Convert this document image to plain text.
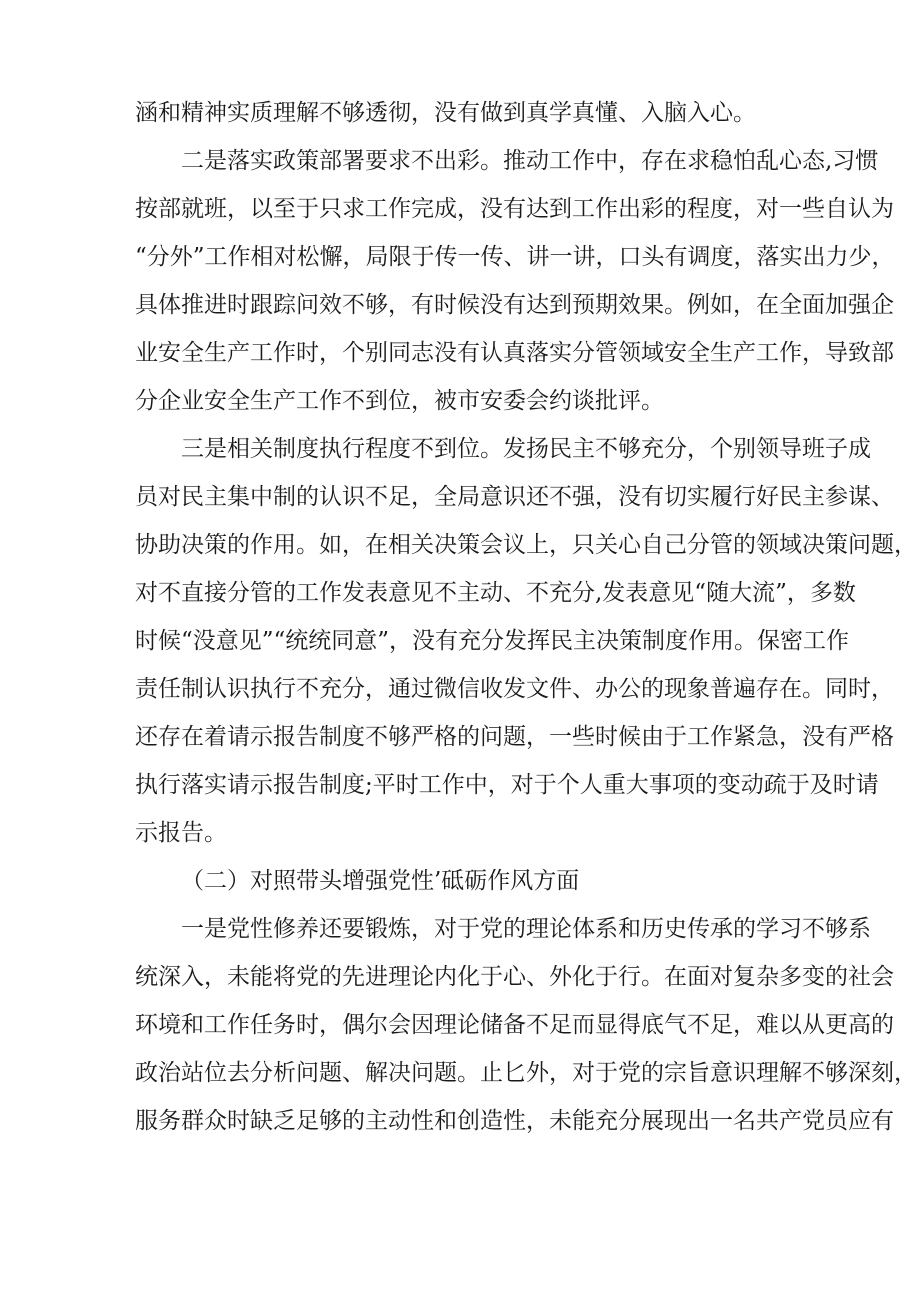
涵和精神实质理解不够透彻，没有做到真学真懂、入脑入心。
二是落实政策部署要求不出彩。推动工作中，存在求稳怕乱心态,习惯
按部就班，以至于只求工作完成，没有达到工作出彩的程度，对一些自认为
“分外”工作相对松懈，局限于传一传、讲一讲，口头有调度，落实出力少，
具体推进时跟踪问效不够，有时候没有达到预期效果。例如，在全面加强企
业安全生产工作时，个别同志没有认真落实分管领域安全生产工作，导致部
分企业安全生产工作不到位，被市安委会约谈批评。
三是相关制度执行程度不到位。发扬民主不够充分，个别领导班子成
员对民主集中制的认识不足，全局意识还不强，没有切实履行好民主参谋、
协助决策的作用。如，在相关决策会议上，只关心自己分管的领域决策问题，
对不直接分管的工作发表意见不主动、不充分,发表意见“随大流”，多数
时候“没意见”“统统同意”，没有充分发挥民主决策制度作用。保密工作
责任制认识执行不充分，通过微信收发文件、办公的现象普遍存在。同时，
还存在着请示报告制度不够严格的问题，一些时候由于工作紧急，没有严格
执行落实请示报告制度;平时工作中，对于个人重大事项的变动疏于及时请
示报告。
（二）对照带头增强党性’砥砺作风方面
一是党性修养还要锻炼，对于党的理论体系和历史传承的学习不够系
统深入，未能将党的先进理论内化于心、外化于行。在面对复杂多变的社会
环境和工作任务时，偶尔会因理论储备不足而显得底气不足，难以从更高的
政治站位去分析问题、解决问题。止匕外，对于党的宗旨意识理解不够深刻，
服务群众时缺乏足够的主动性和创造性，未能充分展现出一名共产党员应有
